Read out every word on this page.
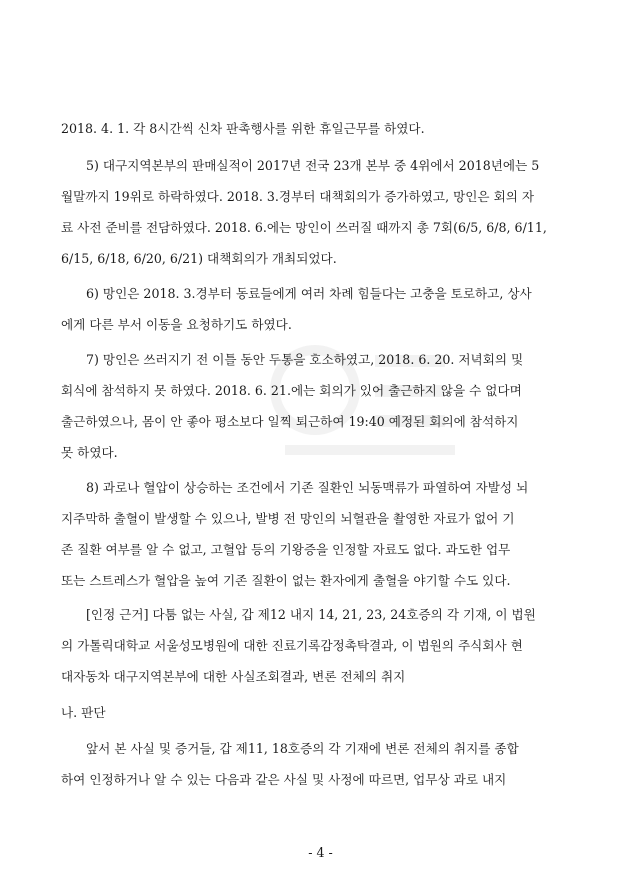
2018. 4. 1. 각 8시간씩 신차 판촉행사를 위한 휴일근무를 하였다.
5) 대구지역본부의 판매실적이 2017년 전국 23개 본부 중 4위에서 2018년에는 5
월말까지 19위로 하락하였다. 2018. 3.경부터 대책회의가 증가하였고, 망인은 회의 자
료 사전 준비를 전담하였다. 2018. 6.에는 망인이 쓰러질 때까지 총 7회(6/5, 6/8, 6/11,
6/15, 6/18, 6/20, 6/21) 대책회의가 개최되었다.
6) 망인은 2018. 3.경부터 동료들에게 여러 차례 힘들다는 고충을 토로하고, 상사
에게 다른 부서 이동을 요청하기도 하였다.
7) 망인은 쓰러지기 전 이틀 동안 두통을 호소하였고, 2018. 6. 20. 저녁회의 및
회식에 참석하지 못 하였다. 2018. 6. 21.에는 회의가 있어 출근하지 않을 수 없다며
출근하였으나, 몸이 안 좋아 평소보다 일찍 퇴근하여 19:40 예정된 회의에 참석하지
못 하였다.
8) 과로나 혈압이 상승하는 조건에서 기존 질환인 뇌동맥류가 파열하여 자발성 뇌
지주막하 출혈이 발생할 수 있으나, 발병 전 망인의 뇌혈관을 촬영한 자료가 없어 기
존 질환 여부를 알 수 없고, 고혈압 등의 기왕증을 인정할 자료도 없다. 과도한 업무
또는 스트레스가 혈압을 높여 기존 질환이 없는 환자에게 출혈을 야기할 수도 있다.
[인정 근거] 다툼 없는 사실, 갑 제12 내지 14, 21, 23, 24호증의 각 기재, 이 법원
의 가톨릭대학교 서울성모병원에 대한 진료기록감정촉탁결과, 이 법원의 주식회사 현
대자동차 대구지역본부에 대한 사실조회결과, 변론 전체의 취지
나. 판단
앞서 본 사실 및 증거들, 갑 제11, 18호증의 각 기재에 변론 전체의 취지를 종합
하여 인정하거나 알 수 있는 다음과 같은 사실 및 사정에 따르면, 업무상 과로 내지
- 4 -
